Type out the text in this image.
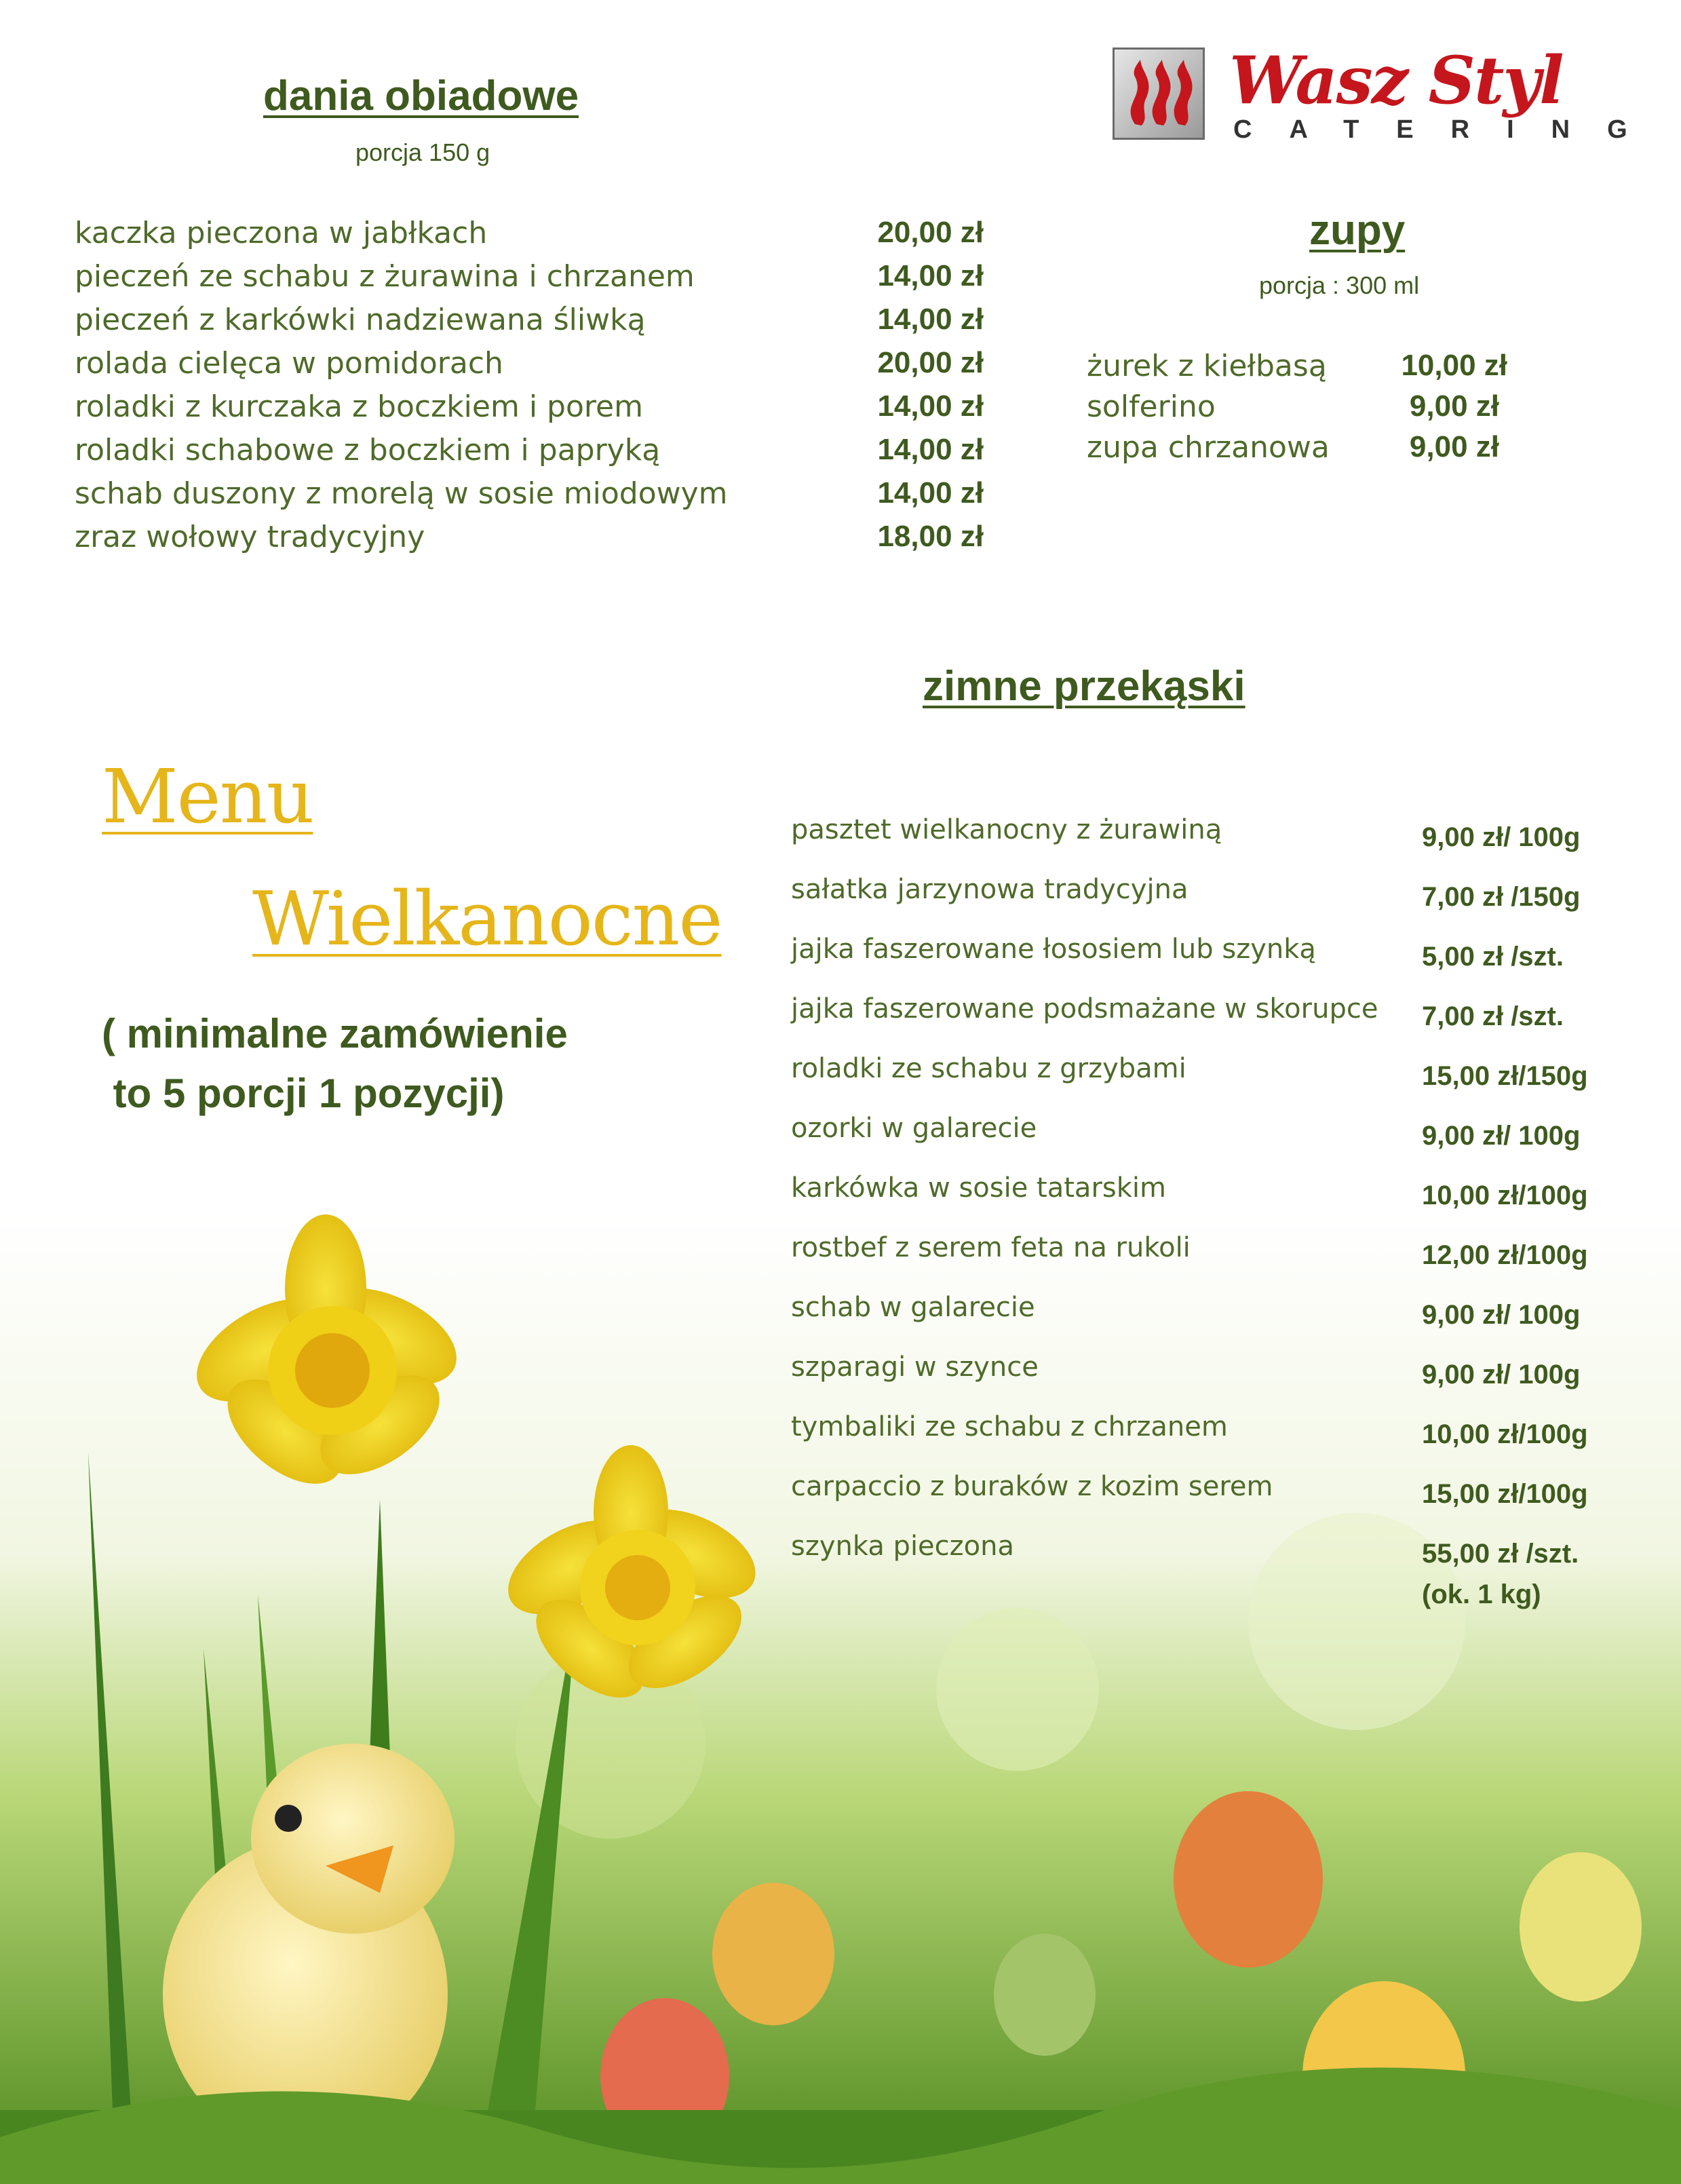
Wasz Styl
CATERING
dania obiadowe
porcja 150 g
kaczka pieczona w jabłkach	20,00 zł
pieczeń ze schabu z żurawina i chrzanem	14,00 zł
pieczeń z karkówki nadziewana śliwką	14,00 zł
rolada cielęca w pomidorach	20,00 zł
roladki z kurczaka z boczkiem i porem	14,00 zł
roladki schabowe z boczkiem i papryką	14,00 zł
schab duszony z morelą w sosie miodowym	14,00 zł
zraz wołowy tradycyjny	18,00 zł
zupy
porcja : 300 ml
żurek z kiełbasą 10,00 zł
solferino	9,00 zł
zupa chrzanowa	9,00 zł
Menu
Wielkanocne
( minimalne zamówienie
to 5 porcji 1 pozycji)
zimne przekąski
pasztet wielkanocny z żurawiną	9,00 zł/ 100g
sałatka jarzynowa tradycyjna	7,00 zł /150g
jajka faszerowane łososiem lub szynką	5,00 zł /szt.
jajka faszerowane podsmażane w skorupce 7,00 zł /szt.
roladki ze schabu z grzybami	15,00 zł/150g
ozorki w galarecie	9,00 zł/ 100g
karkówka w sosie tatarskim	10,00 zł/100g
rostbef z serem feta na rukoli	12,00 zł/100g
schab w galarecie	9,00 zł/ 100g
szparagi w szynce	9,00 zł/ 100g
tymbaliki ze schabu z chrzanem	10,00 zł/100g
carpaccio z buraków z kozim serem	15,00 zł/100g
szynka pieczona	55,00 zł /szt.
(ok. 1 kg)
